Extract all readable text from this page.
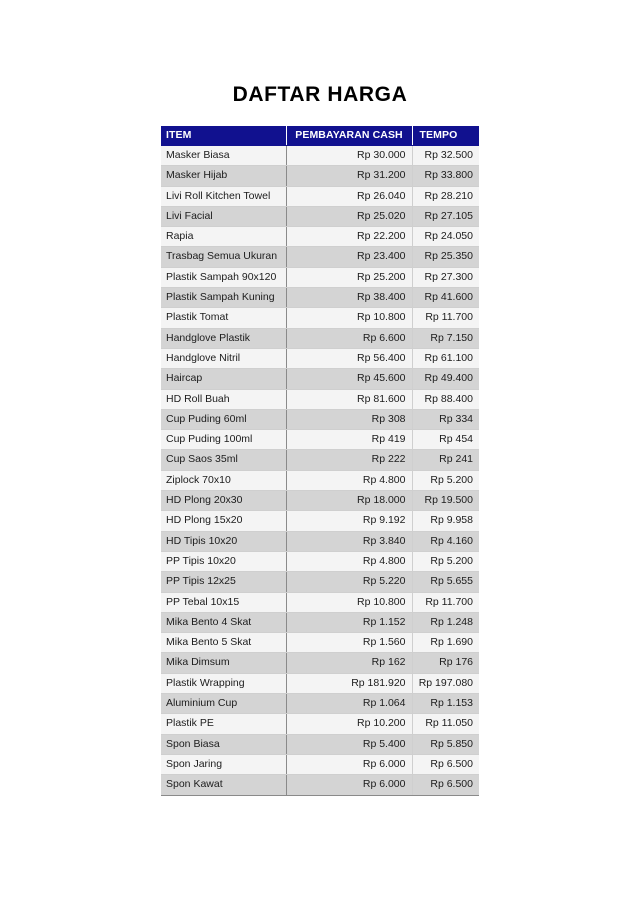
DAFTAR HARGA
ITEM	PEMBAYARAN CASH	TEMPO
Masker Biasa	Rp 30.000	Rp 32.500
Masker Hijab	Rp 31.200	Rp 33.800
Livi Roll Kitchen Towel	Rp 26.040	Rp 28.210
Livi Facial	Rp 25.020	Rp 27.105
Rapia	Rp 22.200	Rp 24.050
Trasbag Semua Ukuran	Rp 23.400	Rp 25.350
Plastik Sampah 90x120	Rp 25.200	Rp 27.300
Plastik Sampah Kuning	Rp 38.400	Rp 41.600
Plastik Tomat	Rp 10.800	Rp 11.700
Handglove Plastik	Rp 6.600	Rp 7.150
Handglove Nitril	Rp 56.400	Rp 61.100
Haircap	Rp 45.600	Rp 49.400
HD Roll Buah	Rp 81.600	Rp 88.400
Cup Puding 60ml	Rp 308	Rp 334
Cup Puding 100ml	Rp 419	Rp 454
Cup Saos 35ml	Rp 222	Rp 241
Ziplock 70x10	Rp 4.800	Rp 5.200
HD Plong 20x30	Rp 18.000	Rp 19.500
HD Plong 15x20	Rp 9.192	Rp 9.958
HD Tipis 10x20	Rp 3.840	Rp 4.160
PP Tipis 10x20	Rp 4.800	Rp 5.200
PP Tipis 12x25	Rp 5.220	Rp 5.655
PP Tebal 10x15	Rp 10.800	Rp 11.700
Mika Bento 4 Skat	Rp 1.152	Rp 1.248
Mika Bento 5 Skat	Rp 1.560	Rp 1.690
Mika Dimsum	Rp 162	Rp 176
Plastik Wrapping	Rp 181.920	Rp 197.080
Aluminium Cup	Rp 1.064	Rp 1.153
Plastik PE	Rp 10.200	Rp 11.050
Spon Biasa	Rp 5.400	Rp 5.850
Spon Jaring	Rp 6.000	Rp 6.500
Spon Kawat	Rp 6.000	Rp 6.500
